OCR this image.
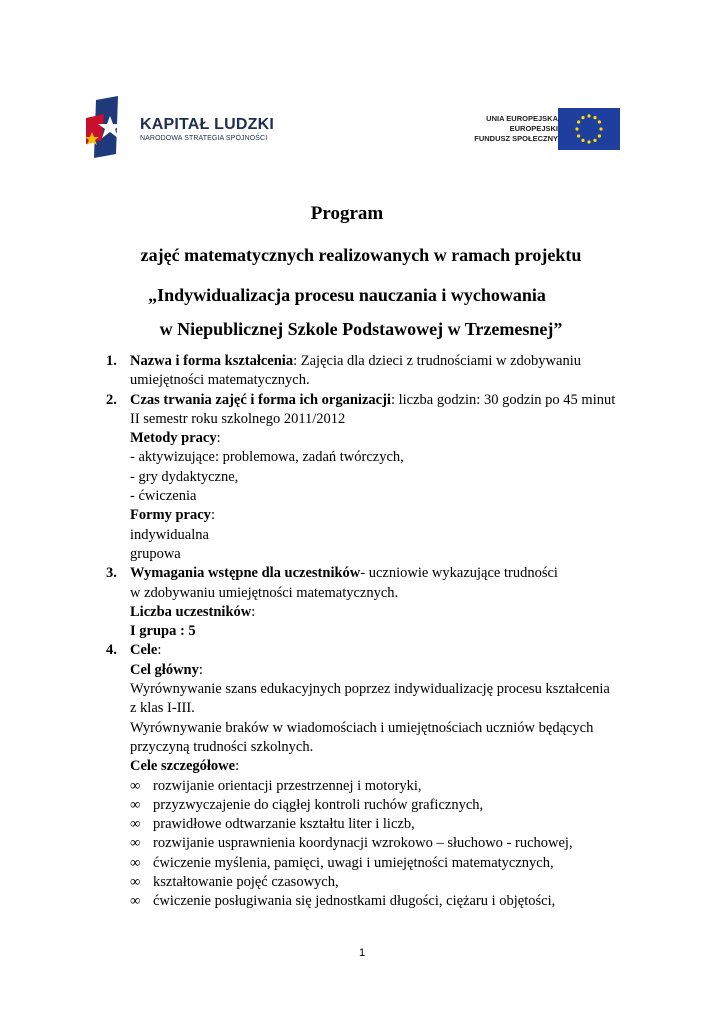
KAPITAŁ LUDZKI
NARODOWA STRATEGIA SPÓJNOŚCI
UNIA EUROPEJSKA
EUROPEJSKI
FUNDUSZ SPOŁECZNY
Program
zajęć matematycznych realizowanych w ramach projektu
„Indywidualizacja procesu nauczania i wychowania
w Niepublicznej Szkole Podstawowej w Trzemesnej”
1. Nazwa i forma kształcenia: Zajęcia dla dzieci z trudnościami w zdobywaniu
umiejętności matematycznych.
2. Czas trwania zajęć i forma ich organizacji: liczba godzin: 30 godzin po 45 minut
II semestr roku szkolnego 2011/2012
Metody pracy:
- aktywizujące: problemowa, zadań twórczych,
- gry dydaktyczne,
- ćwiczenia
Formy pracy:
indywidualna
grupowa
3. Wymagania wstępne dla uczestników- uczniowie wykazujące trudności
w zdobywaniu umiejętności matematycznych.
Liczba uczestników:
I grupa : 5
4. Cele:
Cel główny:
Wyrównywanie szans edukacyjnych poprzez indywidualizację procesu kształcenia
z klas I-III.
Wyrównywanie braków w wiadomościach i umiejętnościach uczniów będących
przyczyną trudności szkolnych.
Cele szczegółowe:
∞ rozwijanie orientacji przestrzennej i motoryki,
∞ przyzwyczajenie do ciągłej kontroli ruchów graficznych,
∞ prawidłowe odtwarzanie kształtu liter i liczb,
∞ rozwijanie usprawnienia koordynacji wzrokowo – słuchowo - ruchowej,
∞ ćwiczenie myślenia, pamięci, uwagi i umiejętności matematycznych,
∞ kształtowanie pojęć czasowych,
∞ ćwiczenie posługiwania się jednostkami długości, ciężaru i objętości,
1
